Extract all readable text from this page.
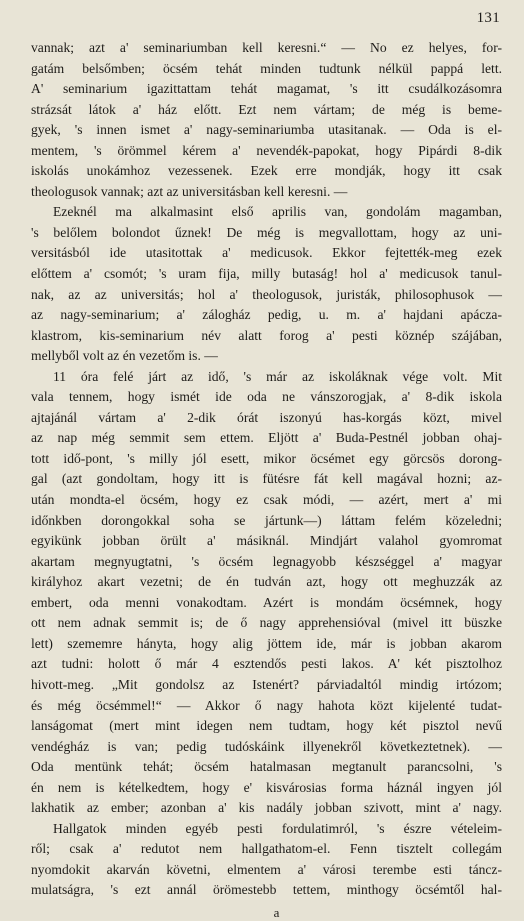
131
vannak; azt a' seminariumban kell keresni.“ — No ez helyes, for-
gatám belsőmben; öcsém tehát minden tudtunk nélkül pappá lett.
A' seminarium igazittattam tehát magamat, 's itt csudálkozásomra
strázsát látok a' ház előtt. Ezt nem vártam; de még is beme-
gyek, 's innen ismet a' nagy-seminariumba utasitanak. — Oda is el-
mentem, 's örömmel kérem a' nevendék-papokat, hogy Pipárdi 8-dik
iskolás unokámhoz vezessenek. Ezek erre mondják, hogy itt csak
theologusok vannak; azt az universitásban kell keresni. —
Ezeknél ma alkalmasint első aprilis van, gondolám magamban,
's belőlem bolondot űznek! De még is megvallottam, hogy az uni-
versitásból ide utasitottak a' medicusok. Ekkor fejtették-meg ezek
előttem a' csomót; 's uram fija, milly butaság! hol a' medicusok tanul-
nak, az az universitás; hol a' theologusok, juristák, philosophusok —
az nagy-seminarium; a' zálogház pedig, u. m. a' hajdani apácza-
klastrom, kis-seminarium név alatt forog a' pesti köznép szájában,
mellyből volt az én vezetőm is. —
11 óra felé járt az idő, 's már az iskoláknak vége volt. Mit
vala tennem, hogy ismét ide oda ne vánszorogjak, a' 8-dik iskola
ajtajánál vártam a' 2-dik órát iszonyú has-korgás közt, mivel
az nap még semmit sem ettem. Eljött a' Buda-Pestnél jobban ohaj-
tott idő-pont, 's milly jól esett, mikor öcsémet egy görcsös dorong-
gal (azt gondoltam, hogy itt is fütésre fát kell magával hozni; az-
után mondta-el öcsém, hogy ez csak módi, — azért, mert a' mi
időnkben dorongokkal soha se jártunk—) láttam felém közeledni;
egyikünk jobban örült a' másiknál. Mindjárt valahol gyomromat
akartam megnyugtatni, 's öcsém legnagyobb készséggel a' magyar
királyhoz akart vezetni; de én tudván azt, hogy ott meghuzzák az
embert, oda menni vonakodtam. Azért is mondám öcsémnek, hogy
ott nem adnak semmit is; de ő nagy apprehensióval (mivel itt büszke
lett) szememre hányta, hogy alig jöttem ide, már is jobban akarom
azt tudni: holott ő már 4 esztendős pesti lakos. A' két pisztolhoz
hivott-meg. „Mit gondolsz az Istenért? párviadaltól mindig irtózom;
és még öcsémmel!“ — Akkor ő nagy hahota közt kijelenté tudat-
lanságomat (mert mint idegen nem tudtam, hogy két pisztol nevű
vendégház is van; pedig tudóskáink illyenekről következtetnek). —
Oda mentünk tehát; öcsém hatalmasan megtanult parancsolni, 's
én nem is kételkedtem, hogy e' kisvárosias forma háznál ingyen jól
lakhatik az ember; azonban a' kis nadály jobban szivott, mint a' nagy.
Hallgatok minden egyéb pesti fordulatimról, 's észre vételeim-
ről; csak a' redutot nem hallgathatom-el. Fenn tisztelt collegám
nyomdokit akarván követni, elmentem a' városi terembe esti táncz-
mulatságra, 's ezt annál örömestebb tettem, minthogy öcsémtől hal-
a
